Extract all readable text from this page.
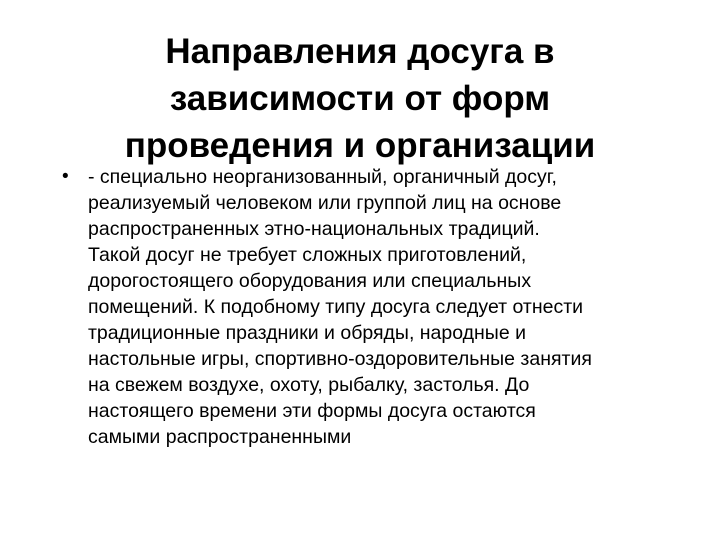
Направления досуга в
зависимости от форм
проведения и организации
• - специально неорганизованный, органичный досуг,
реализуемый человеком или группой лиц на основе
распространенных этно-национальных традиций.
Такой досуг не требует сложных приготовлений,
дорогостоящего оборудования или специальных
помещений. К подобному типу досуга следует отнести
традиционные праздники и обряды, народные и
настольные игры, спортивно-оздоровительные занятия
на свежем воздухе, охоту, рыбалку, застолья. До
настоящего времени эти формы досуга остаются
самыми распространенными
